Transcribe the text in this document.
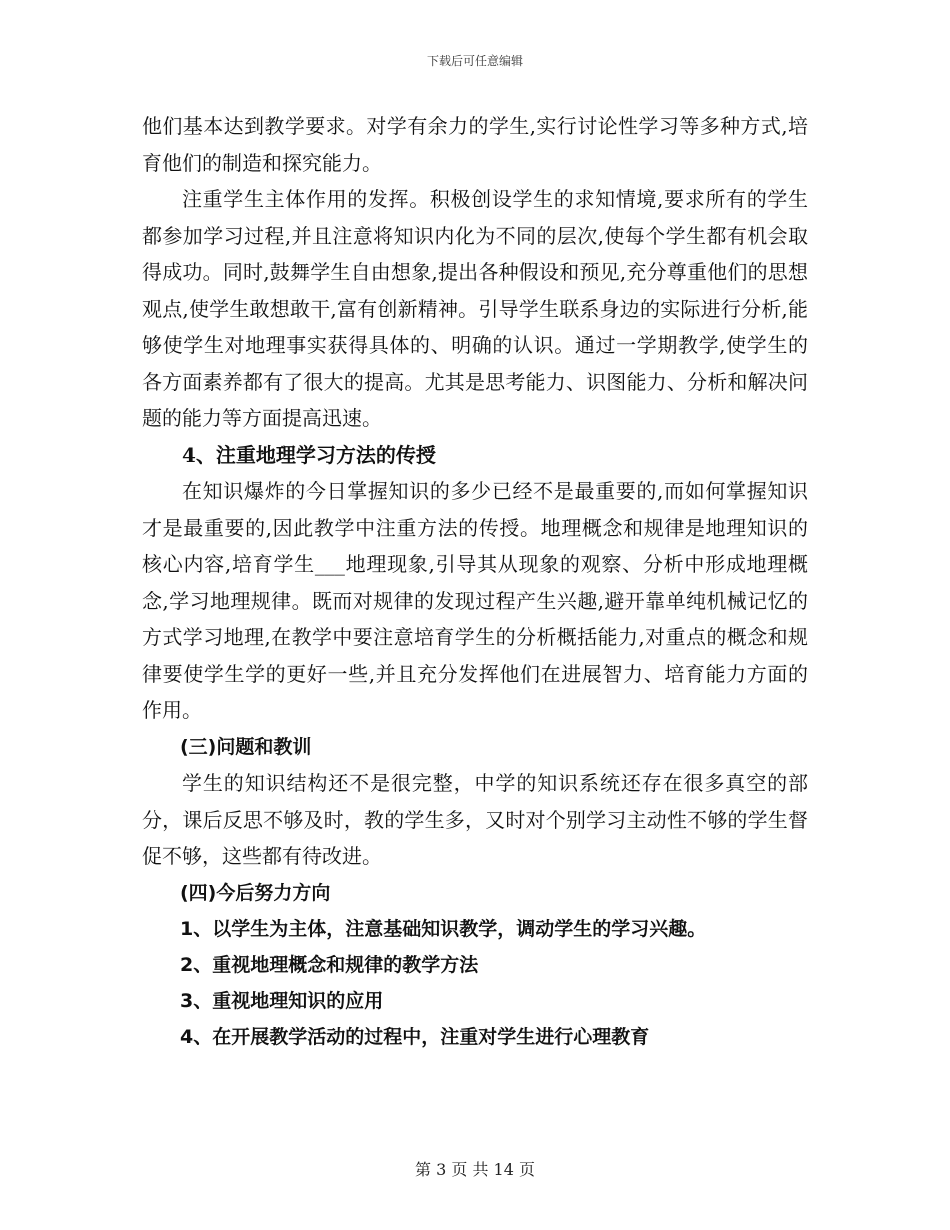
下载后可任意编辑

他们基本达到教学要求。对学有余力的学生,实行讨论性学习等多种方式,培育他们的制造和探究能力。

注重学生主体作用的发挥。积极创设学生的求知情境,要求所有的学生都参加学习过程,并且注意将知识内化为不同的层次,使每个学生都有机会取得成功。同时,鼓舞学生自由想象,提出各种假设和预见,充分尊重他们的思想观点,使学生敢想敢干,富有创新精神。引导学生联系身边的实际进行分析,能够使学生对地理事实获得具体的、明确的认识。通过一学期教学,使学生的各方面素养都有了很大的提高。尤其是思考能力、识图能力、分析和解决问题的能力等方面提高迅速。

4、注重地理学习方法的传授

在知识爆炸的今日掌握知识的多少已经不是最重要的,而如何掌握知识才是最重要的,因此教学中注重方法的传授。地理概念和规律是地理知识的核心内容,培育学生___地理现象,引导其从现象的观察、分析中形成地理概念,学习地理规律。既而对规律的发现过程产生兴趣,避开靠单纯机械记忆的方式学习地理,在教学中要注意培育学生的分析概括能力,对重点的概念和规律要使学生学的更好一些,并且充分发挥他们在进展智力、培育能力方面的作用。

(三)问题和教训

学生的知识结构还不是很完整，中学的知识系统还存在很多真空的部分，课后反思不够及时，教的学生多，又时对个别学习主动性不够的学生督促不够，这些都有待改进。

(四)今后努力方向

1、以学生为主体，注意基础知识教学，调动学生的学习兴趣。

2、重视地理概念和规律的教学方法

3、重视地理知识的应用

4、在开展教学活动的过程中，注重对学生进行心理教育

第 3 页 共 14 页
